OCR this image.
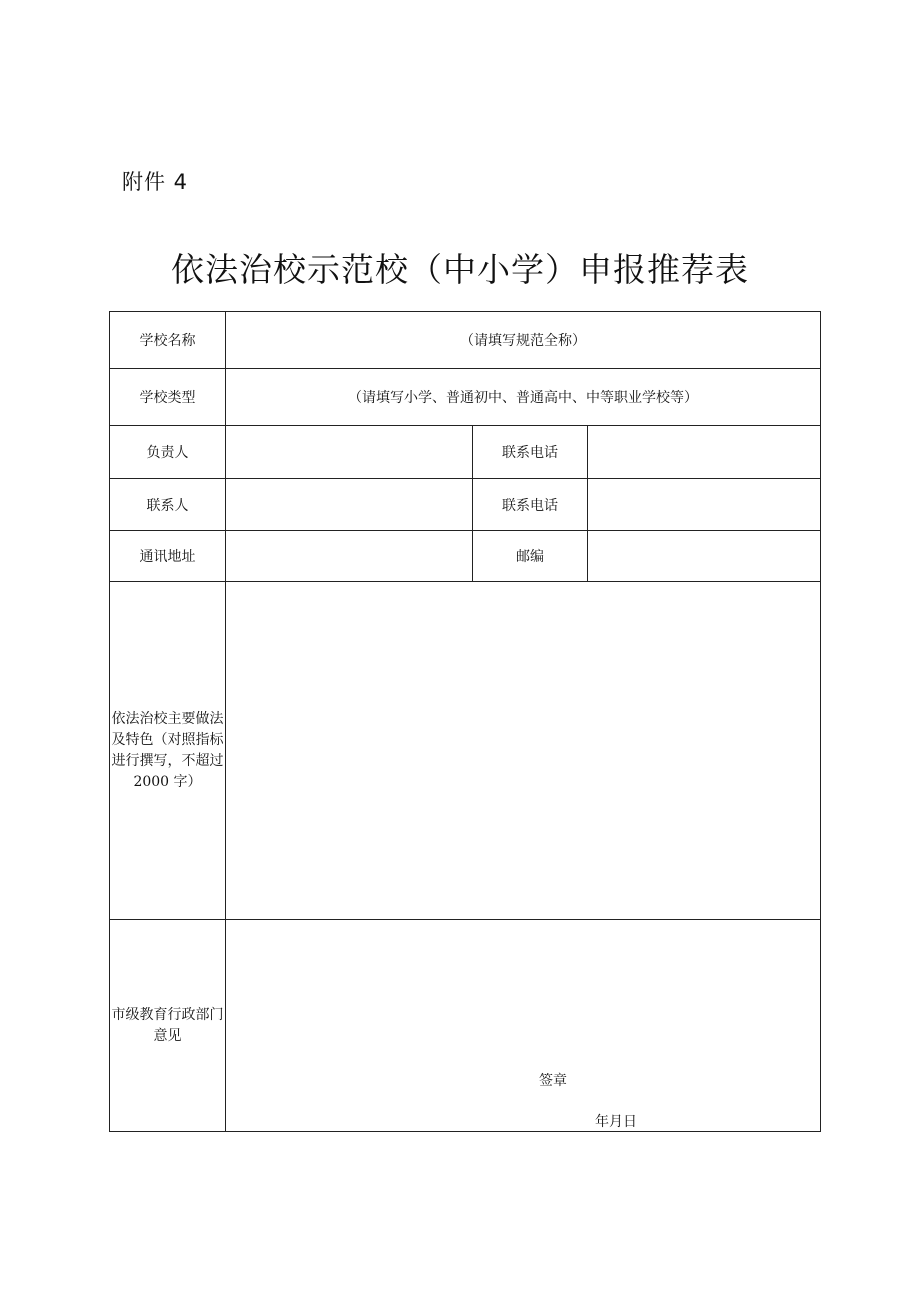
附件 4
依法治校示范校（中小学）申报推荐表
学校名称	（请填写规范全称）		
学校类型	（请填写小学、普通初中、普通高中、中等职业学校等）		
负责人		联系电话	
联系人		联系电话	
通讯地址		邮编	
依法治校主要做法及特色（对照指标进行撰写，不超过 2000 字）			
市级教育行政部门意见	签章
年月日		
